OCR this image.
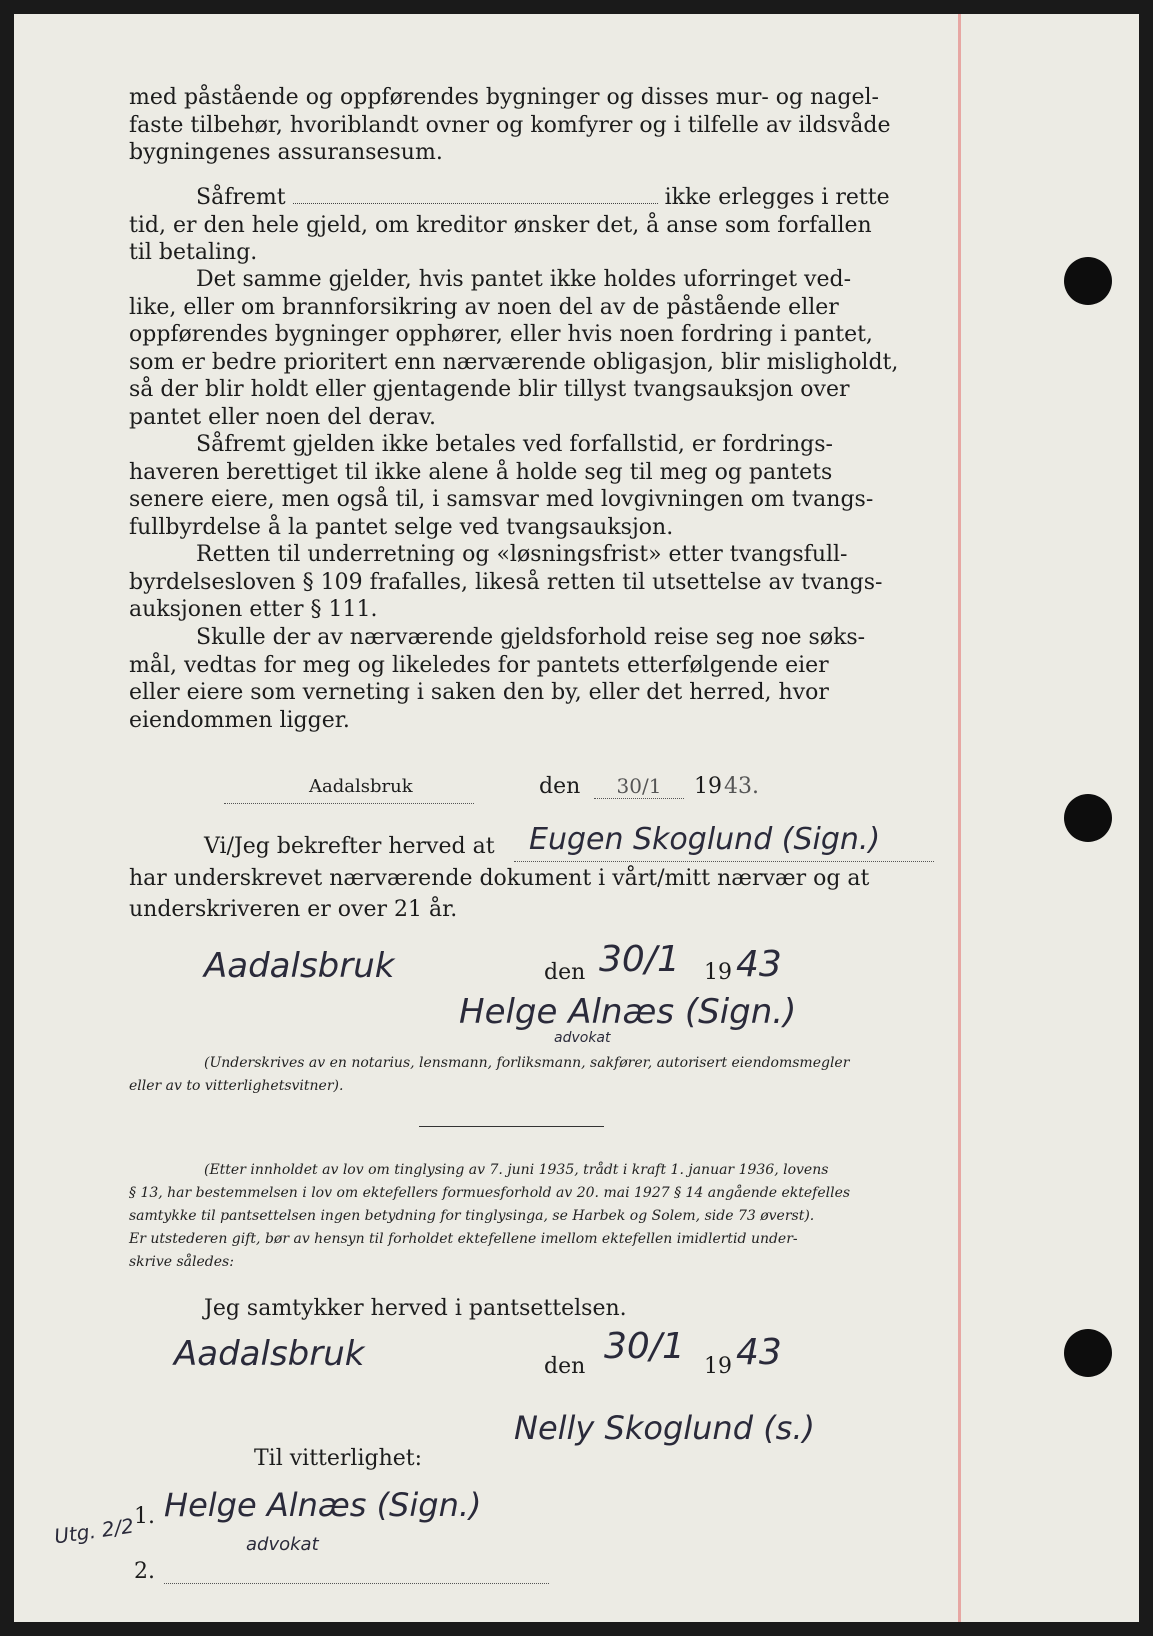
med påstående og oppførendes bygninger og disses mur‑ og nagel‑
faste tilbehør, hvoriblandt ovner og komfyrer og i tilfelle av ildsvåde
bygningenes assuransesum.
Såfremt	ikke erlegges i rette
tid, er den hele gjeld, om kreditor ønsker det, å anse som forfallen
til betaling.
Det samme gjelder, hvis pantet ikke holdes uforringet ved‑
like, eller om brannforsikring av noen del av de påstående eller
oppførendes bygninger opphører, eller hvis noen fordring i pantet,
som er bedre prioritert enn nærværende obligasjon, blir misligholdt,
så der blir holdt eller gjentagende blir tillyst tvangsauksjon over
pantet eller noen del derav.
Såfremt gjelden ikke betales ved forfallstid, er fordrings‑
haveren berettiget til ikke alene å holde seg til meg og pantets
senere eiere, men også til, i samsvar med lovgivningen om tvangs‑
fullbyrdelse å la pantet selge ved tvangsauksjon.
Retten til underretning og «løsningsfrist» etter tvangsfull‑
byrdelsesloven § 109 frafalles, likeså retten til utsettelse av tvangs‑
auksjonen etter § 111.
Skulle der av nærværende gjeldsforhold reise seg noe søks‑
mål, vedtas for meg og likeledes for pantets etterfølgende eier
eller eiere som verneting i saken den by, eller det herred, hvor
eiendommen ligger.
Aadalsbruk	den	30/1	19 43.
Vi/Jeg bekrefter herved at Eugen Skoglund (Sign.)
har underskrevet nærværende dokument i vårt/mitt nærvær og at
underskriveren er over 21 år.
Aadalsbruk	den 30/1 19 43
Helge Alnæs (Sign.)
advokat
(Underskrives av en notarius, lensmann, forliksmann, sakfører, autorisert eiendomsmegler
eller av to vitterlighetsvitner).
(Etter innholdet av lov om tinglysing av 7. juni 1935, trådt i kraft 1. januar 1936, lovens
§ 13, har bestemmelsen i lov om ektefellers formuesforhold av 20. mai 1927 § 14 angående ektefelles
samtykke til pantsettelsen ingen betydning for tinglysinga, se Harbek og Solem, side 73 øverst).
Er utstederen gift, bør av hensyn til forholdet ektefellene imellom ektefellen imidlertid under‑
skrive således:
Jeg samtykker herved i pantsettelsen.
Aadalsbruk	den 30/1 19 43
Nelly Skoglund (s.)
Til vitterlighet:
1. Helge Alnæs (Sign.)
advokat
2.
Utg. 2/2
